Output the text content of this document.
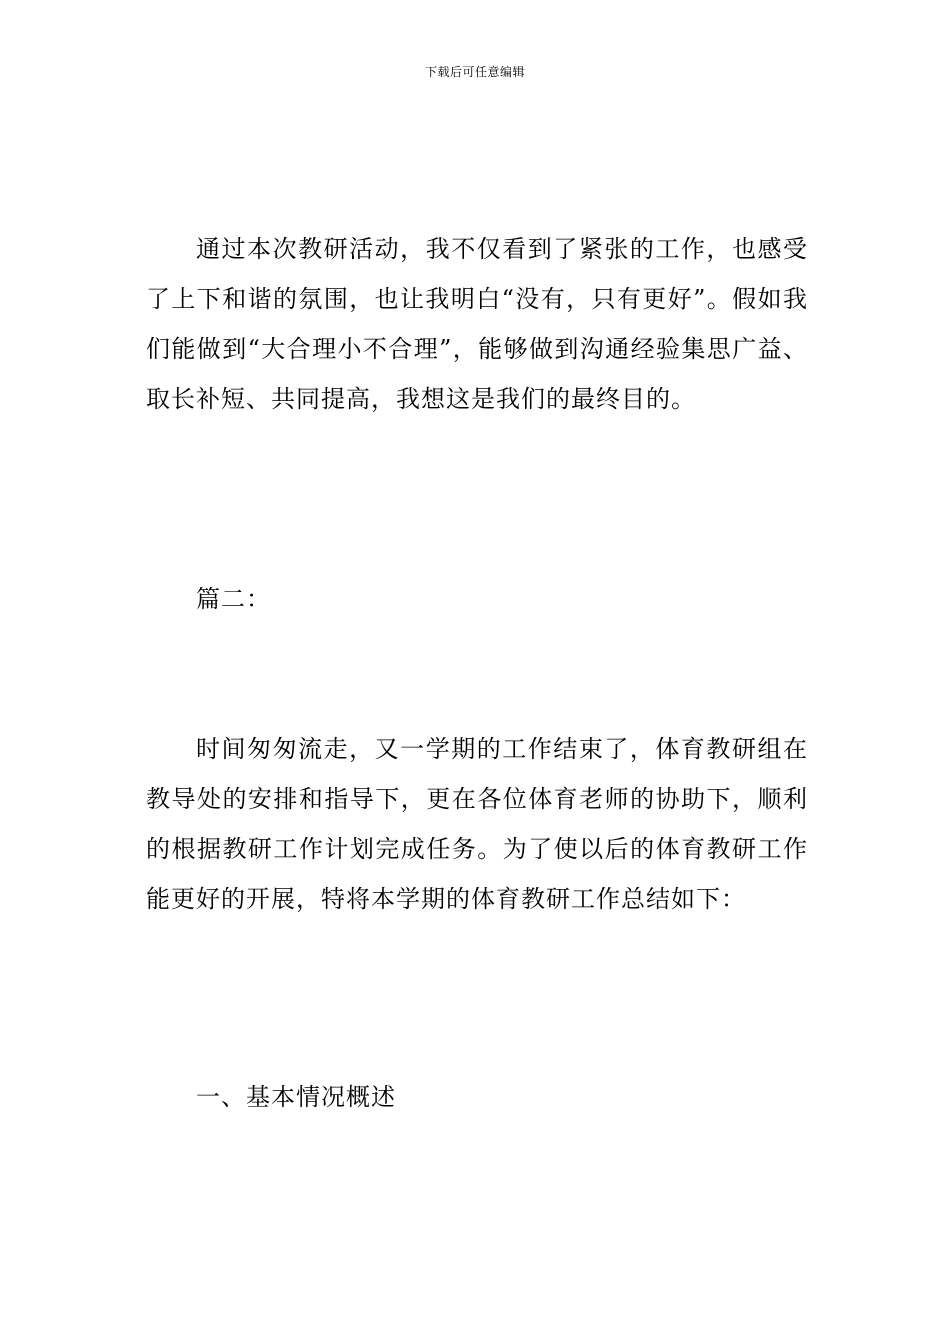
下载后可任意编辑

通过本次教研活动，我不仅看到了紧张的工作，也感受了上下和谐的氛围，也让我明白“没有，只有更好”。假如我们能做到“大合理小不合理”，能够做到沟通经验集思广益、取长补短、共同提高，我想这是我们的最终目的。

篇二：

时间匆匆流走，又一学期的工作结束了，体育教研组在教导处的安排和指导下，更在各位体育老师的协助下，顺利的根据教研工作计划完成任务。为了使以后的体育教研工作能更好的开展，特将本学期的体育教研工作总结如下：

一、基本情况概述
